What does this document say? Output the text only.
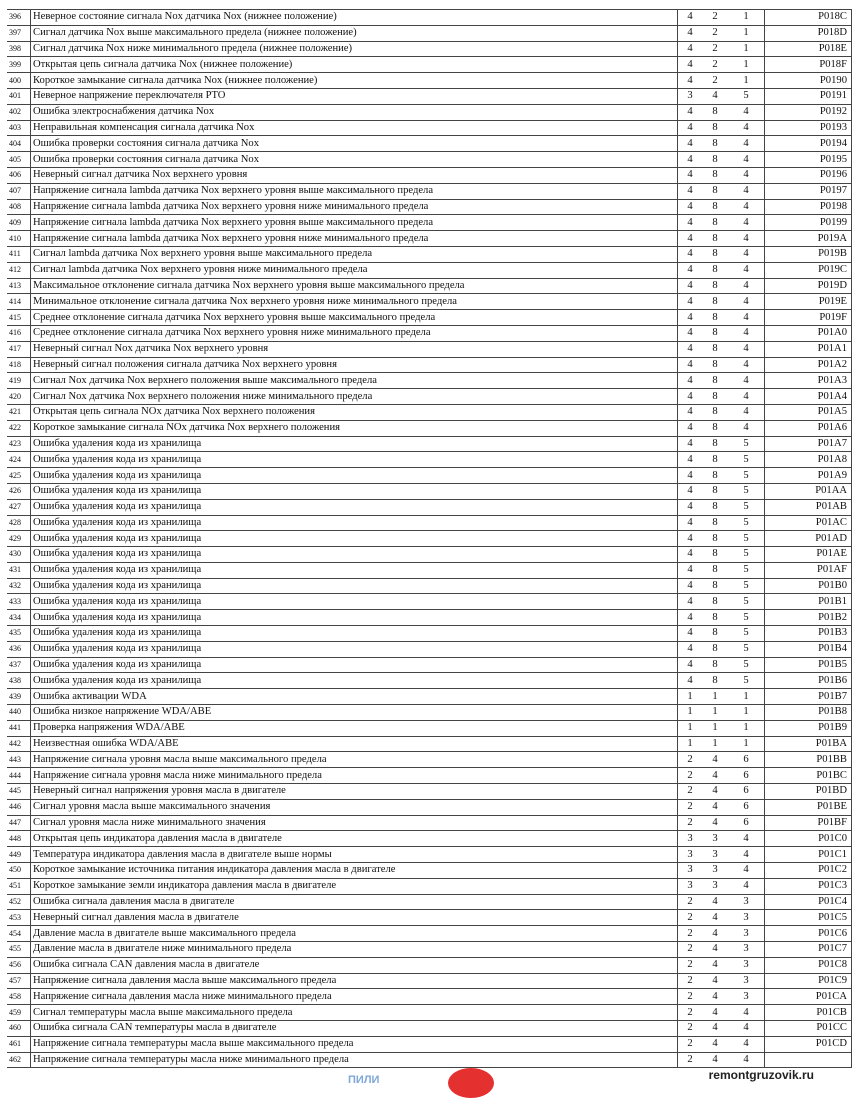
396	Неверное состояние сигнала Nox датчика Nox (нижнее положение)	4	2	1	P018C
397	Сигнал датчика Nox выше максимального предела (нижнее положение)	4	2	1	P018D
398	Сигнал датчика Nox ниже минимального предела (нижнее положение)	4	2	1	P018E
399	Открытая цепь сигнала датчика Nox (нижнее положение)	4	2	1	P018F
400	Короткое замыкание сигнала датчика Nox (нижнее положение)	4	2	1	P0190
401	Неверное напряжение переключателя PTO	3	4	5	P0191
402	Ошибка электроснабжения датчика Nox	4	8	4	P0192
403	Неправильная компенсация сигнала датчика Nox	4	8	4	P0193
404	Ошибка проверки состояния сигнала датчика Nox	4	8	4	P0194
405	Ошибка проверки состояния сигнала датчика Nox	4	8	4	P0195
406	Неверный сигнал датчика Nox верхнего уровня	4	8	4	P0196
407	Напряжение сигнала lambda датчика Nox верхнего уровня выше максимального предела	4	8	4	P0197
408	Напряжение сигнала lambda датчика Nox верхнего уровня ниже минимального предела	4	8	4	P0198
409	Напряжение сигнала lambda датчика Nox верхнего уровня выше максимального предела	4	8	4	P0199
410	Напряжение сигнала lambda датчика Nox верхнего уровня ниже минимального предела	4	8	4	P019A
411	Сигнал lambda датчика Nox верхнего уровня выше максимального предела	4	8	4	P019B
412	Сигнал lambda датчика Nox верхнего уровня ниже минимального предела	4	8	4	P019C
413	Максимальное отклонение сигнала датчика Nox верхнего уровня выше максимального предела	4	8	4	P019D
414	Минимальное отклонение сигнала датчика Nox верхнего уровня ниже минимального предела	4	8	4	P019E
415	Среднее отклонение сигнала датчика Nox верхнего уровня выше максимального предела	4	8	4	P019F
416	Среднее отклонение сигнала датчика Nox верхнего уровня ниже минимального предела	4	8	4	P01A0
417	Неверный сигнал Nox датчика Nox верхнего уровня	4	8	4	P01A1
418	Неверный сигнал положения сигнала датчика Nox верхнего уровня	4	8	4	P01A2
419	Сигнал Nox датчика Nox верхнего положения выше максимального предела	4	8	4	P01A3
420	Сигнал Nox датчика Nox верхнего положения ниже минимального предела	4	8	4	P01A4
421	Открытая цепь сигнала NOx датчика Nox верхнего положения	4	8	4	P01A5
422	Короткое замыкание сигнала NOx датчика Nox верхнего положения	4	8	4	P01A6
423	Ошибка удаления кода из хранилища	4	8	5	P01A7
424	Ошибка удаления кода из хранилища	4	8	5	P01A8
425	Ошибка удаления кода из хранилища	4	8	5	P01A9
426	Ошибка удаления кода из хранилища	4	8	5	P01AA
427	Ошибка удаления кода из хранилища	4	8	5	P01AB
428	Ошибка удаления кода из хранилища	4	8	5	P01AC
429	Ошибка удаления кода из хранилища	4	8	5	P01AD
430	Ошибка удаления кода из хранилища	4	8	5	P01AE
431	Ошибка удаления кода из хранилища	4	8	5	P01AF
432	Ошибка удаления кода из хранилища	4	8	5	P01B0
433	Ошибка удаления кода из хранилища	4	8	5	P01B1
434	Ошибка удаления кода из хранилища	4	8	5	P01B2
435	Ошибка удаления кода из хранилища	4	8	5	P01B3
436	Ошибка удаления кода из хранилища	4	8	5	P01B4
437	Ошибка удаления кода из хранилища	4	8	5	P01B5
438	Ошибка удаления кода из хранилища	4	8	5	P01B6
439	Ошибка активации WDA	1	1	1	P01B7
440	Ошибка низкое напряжение WDA/ABE	1	1	1	P01B8
441	Проверка напряжения WDA/ABE	1	1	1	P01B9
442	Неизвестная ошибка WDA/ABE	1	1	1	P01BA
443	Напряжение сигнала уровня масла выше максимального предела	2	4	6	P01BB
444	Напряжение сигнала уровня масла ниже минимального предела	2	4	6	P01BC
445	Неверный сигнал напряжения уровня масла в двигателе	2	4	6	P01BD
446	Сигнал уровня масла выше максимального значения	2	4	6	P01BE
447	Сигнал уровня масла ниже минимального значения	2	4	6	P01BF
448	Открытая цепь индикатора давления масла в двигателе	3	3	4	P01C0
449	Температура индикатора давления масла в двигателе выше нормы	3	3	4	P01C1
450	Короткое замыкание источника питания индикатора давления масла в двигателе	3	3	4	P01C2
451	Короткое замыкание земли индикатора давления масла в двигателе	3	3	4	P01C3
452	Ошибка сигнала давления масла в двигателе	2	4	3	P01C4
453	Неверный сигнал давления масла в двигателе	2	4	3	P01C5
454	Давление масла в двигателе выше максимального предела	2	4	3	P01C6
455	Давление масла в двигателе ниже минимального предела	2	4	3	P01C7
456	Ошибка сигнала CAN давления масла в двигателе	2	4	3	P01C8
457	Напряжение сигнала давления масла выше максимального предела	2	4	3	P01C9
458	Напряжение сигнала давления масла ниже минимального предела	2	4	3	P01CA
459	Сигнал температуры масла выше максимального предела	2	4	4	P01CB
460	Ошибка сигнала CAN температуры масла в двигателе	2	4	4	P01CC
461	Напряжение сигнала температуры масла выше максимального предела	2	4	4	P01CD
462	Напряжение сигнала температуры масла ниже минимального предела	2	4	4	
ПИЛИ	remontgruzovik.ru
